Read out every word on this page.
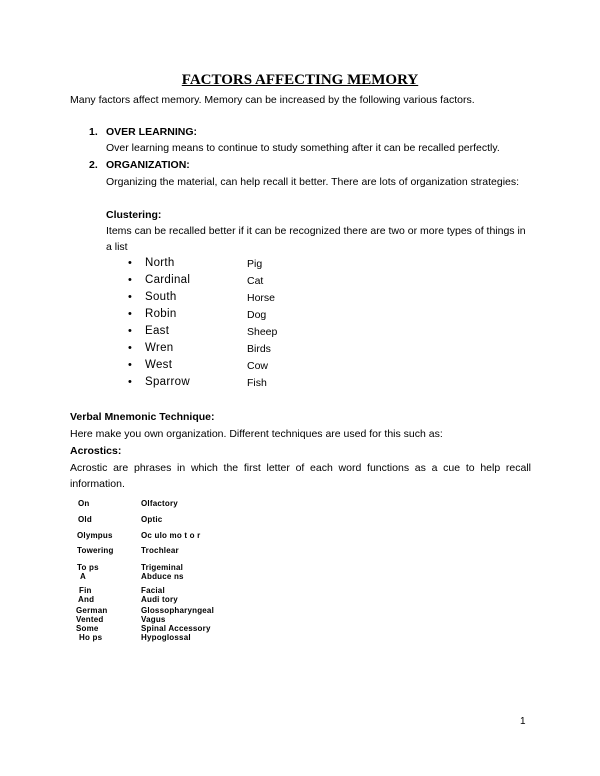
FACTORS AFFECTING MEMORY
Many factors affect memory. Memory can be increased by the following various factors.
1. OVER LEARNING:
Over learning means to continue to study something after it can be recalled perfectly.
2. ORGANIZATION:
Organizing the material, can help recall it better. There are lots of organization strategies:
Clustering:
Items can be recalled better if it can be recognized there are two or more types of things in a list
• North	Pig
• Cardinal	Cat
• South	Horse
• Robin	Dog
• East	Sheep
• Wren	Birds
• West	Cow
• Sparrow	Fish
Verbal Mnemonic Technique:
Here make you own organization. Different techniques are used for this such as:
Acrostics:
Acrostic are phrases in which the first letter of each word functions as a cue to help recall information.
On	Olfactory
Old	Optic
Olympus	Oc ulo mo t o r
Towering	Trochlear
To ps	Trigeminal
A	Abduce ns
Fin	Facial
And	Audi tory
German	Glossopharyngeal
Vented	Vagus
Some	Spinal Accessory
Ho ps	Hypoglossal
1
